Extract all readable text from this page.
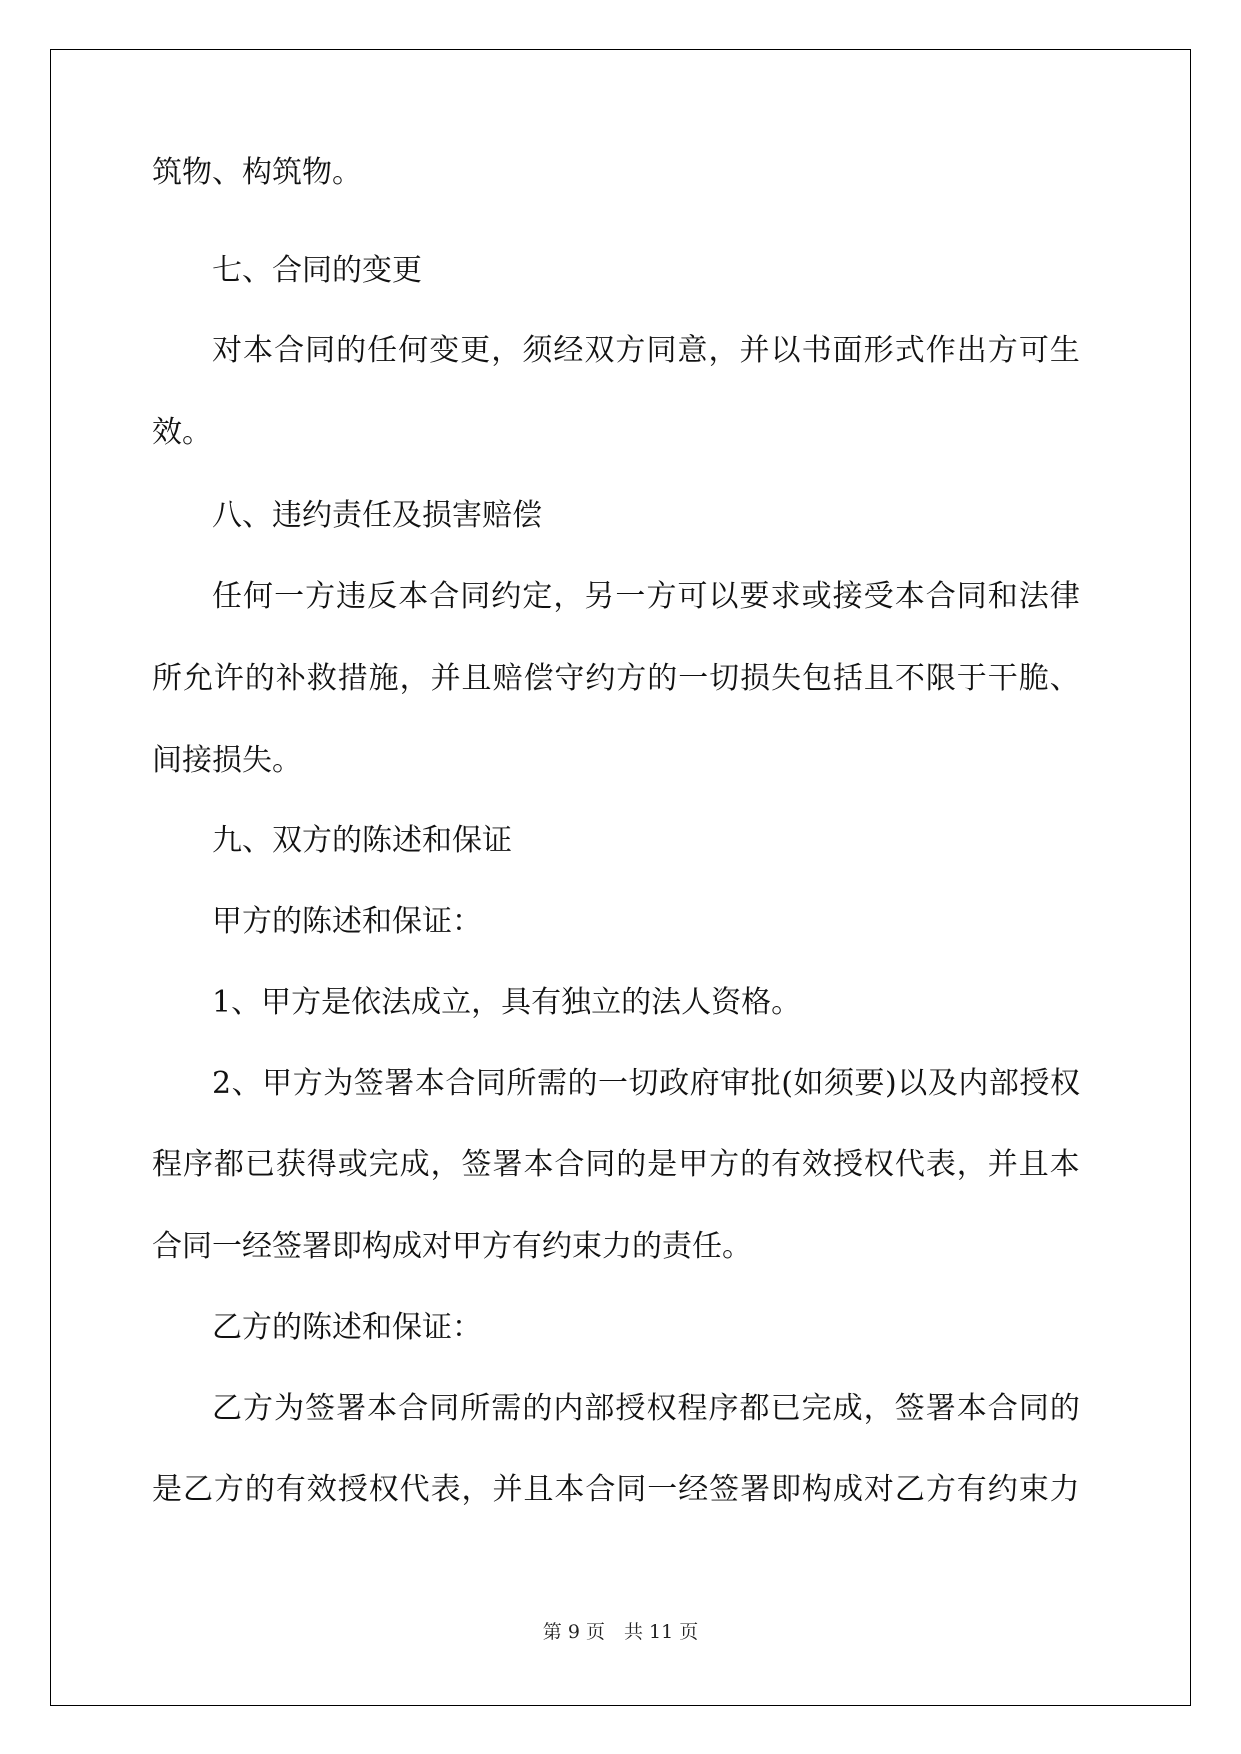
筑物、构筑物。
七、合同的变更
对 本 合 同 的 任 何 变 更 ， 须 经 双 方 同 意 ， 并 以 书 面 形 式 作 出 方 可 生
效。
八、违约责任及损害赔偿
任 何 一 方 违 反 本 合 同 约 定 ， 另 一 方 可 以 要 求 或 接 受 本 合 同 和 法 律
所 允 许 的 补 救 措 施 ， 并 且 赔 偿 守 约 方 的 一 切 损 失 包 括 且 不 限 于 干 脆 、
间接损失。
九、双方的陈述和保证
甲方的陈述和保证：
1、甲方是依法成立，具有独立的法人资格。
2 、 甲 方 为 签 署 本 合 同 所 需 的 一 切 政 府 审 批 ( 如 须 要 ) 以 及 内 部 授 权
程 序 都 已 获 得 或 完 成 ， 签 署 本 合 同 的 是 甲 方 的 有 效 授 权 代 表 ， 并 且 本
合同一经签署即构成对甲方有约束力的责任。
乙方的陈述和保证：
乙 方 为 签 署 本 合 同 所 需 的 内 部 授 权 程 序 都 已 完 成 ， 签 署 本 合 同 的
是 乙 方 的 有 效 授 权 代 表 ， 并 且 本 合 同 一 经 签 署 即 构 成 对 乙 方 有 约 束 力
第 9 页　共 11 页
